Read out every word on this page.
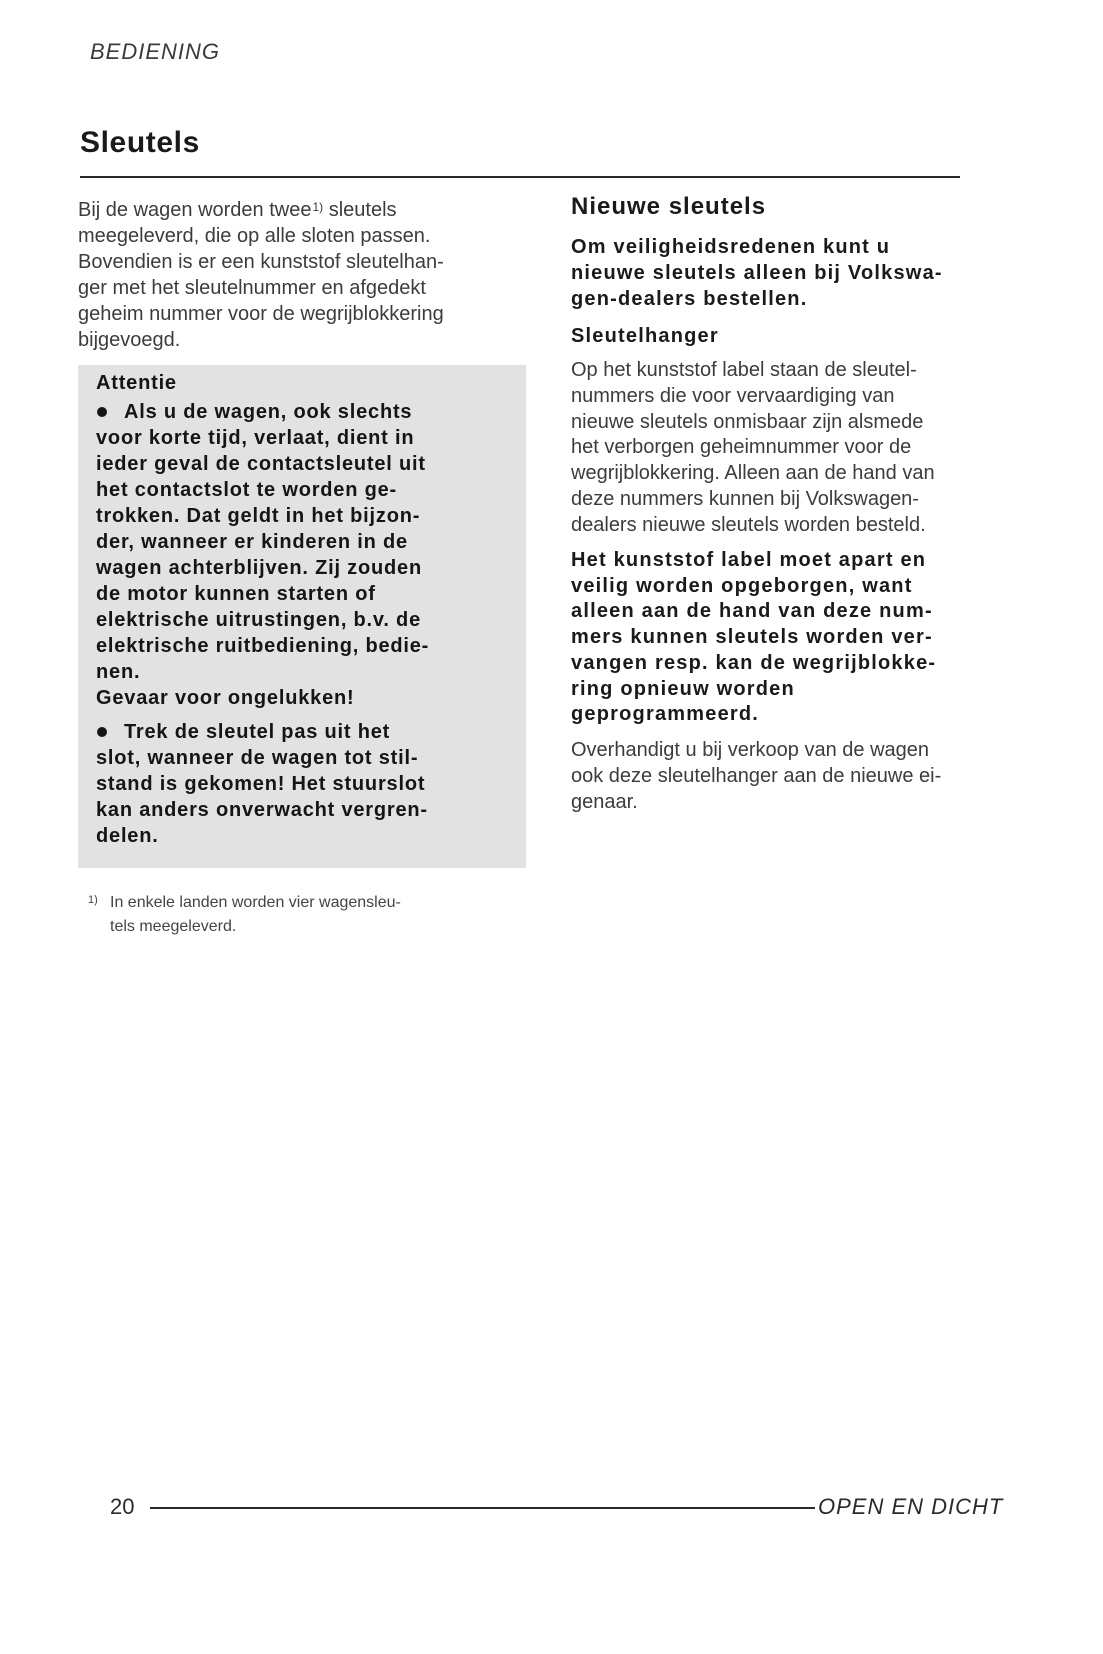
BEDIENING
Sleutels
Bij de wagen worden twee$^{1)}$ sleutels
meegeleverd, die op alle sloten passen.
Bovendien is er een kunststof sleutelhan-
ger met het sleutelnummer en afgedekt
geheim nummer voor de wegrijblokkering
bijgevoegd.
Attentie
Als u de wagen, ook slechts
voor korte tijd, verlaat, dient in
ieder geval de contactsleutel uit
het contactslot te worden ge-
trokken. Dat geldt in het bijzon-
der, wanneer er kinderen in de
wagen achterblijven. Zij zouden
de motor kunnen starten of
elektrische uitrustingen, b.v. de
elektrische ruitbediening, bedie-
nen.
Gevaar voor ongelukken!
Trek de sleutel pas uit het
slot, wanneer de wagen tot stil-
stand is gekomen! Het stuurslot
kan anders onverwacht vergren-
delen.
1) In enkele landen worden vier wagensleu-
tels meegeleverd.
Nieuwe sleutels
Om veiligheidsredenen kunt u
nieuwe sleutels alleen bij Volkswa-
gen-dealers bestellen.
Sleutelhanger
Op het kunststof label staan de sleutel-
nummers die voor vervaardiging van
nieuwe sleutels onmisbaar zijn alsmede
het verborgen geheimnummer voor de
wegrijblokkering. Alleen aan de hand van
deze nummers kunnen bij Volkswagen-
dealers nieuwe sleutels worden besteld.
Het kunststof label moet apart en
veilig worden opgeborgen, want
alleen aan de hand van deze num-
mers kunnen sleutels worden ver-
vangen resp. kan de wegrijblokke-
ring opnieuw worden
geprogrammeerd.
Overhandigt u bij verkoop van de wagen
ook deze sleutelhanger aan de nieuwe ei-
genaar.
20	OPEN EN DICHT
